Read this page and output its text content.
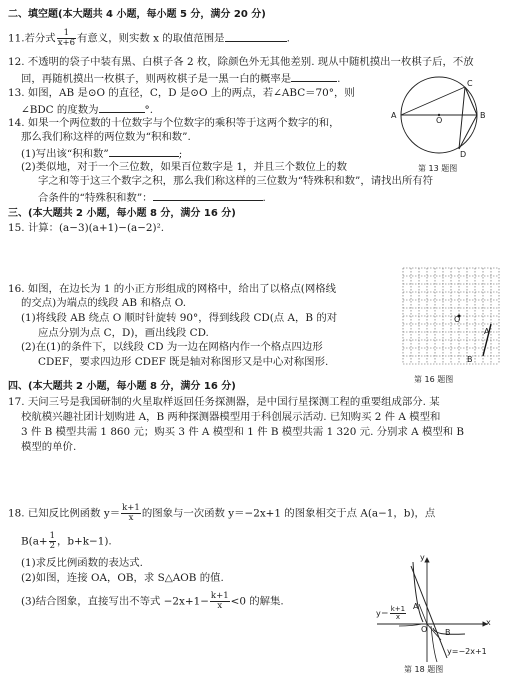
二、填空题(本大题共 4 小题，每小题 5 分，满分 20 分)
11.若分式 $\frac{1}{x+6}$ 有意义，则实数 x 的取值范围是	.
12. 不透明的袋子中装有黑、白棋子各 2 枚，除颜色外无其他差别. 现从中随机摸出一枚棋子后，不放
回，再随机摸出一枚棋子，则两枚棋子是一黑一白的概率是	.
13. 如图，AB 是⊙O 的直径，C，D 是⊙O 上的两点，若∠ABC＝70°，则
∠BDC 的度数为	°.
14. 如果一个两位数的十位数字与个位数字的乘积等于这两个数字的和，
那么我们称这样的两位数为“积和数”.
(1)写出该“积和数”	;
(2)类似地，对于一个三位数，如果百位数字是 1，并且三个数位上的数
字之和等于这三个数字之积，那么我们称这样的三位数为“特殊积和数”，请找出所有符
合条件的“特殊积和数”：	.
A	B
C
D
O
第 13 题图
三、(本大题共 2 小题，每小题 8 分，满分 16 分)
15. 计算：(a−3)(a+1)−(a−2)².
16. 如图，在边长为 1 的小正方形组成的网格中，给出了以格点(网格线
的交点)为端点的线段 AB 和格点 O.
(1)将线段 AB 绕点 O 顺时针旋转 90°，得到线段 CD(点 A，B 的对
应点分别为点 C，D)，画出线段 CD.
(2)在(1)的条件下，以线段 CD 为一边在网格内作一个格点四边形
CDEF，要求四边形 CDEF 既是轴对称图形又是中心对称图形.
O
A
B
第 16 题图
四、(本大题共 2 小题，每小题 8 分，满分 16 分)
17. 天问三号是我国研制的火星取样返回任务探测器，是中国行星探测工程的重要组成部分. 某
校航模兴趣社团计划购进 A，B 两种探测器模型用于科创展示活动. 已知购买 2 件 A 模型和
3 件 B 模型共需 1 860 元；购买 3 件 A 模型和 1 件 B 模型共需 1 320 元. 分别求 A 模型和 B
模型的单价.
18. 已知反比例函数 $y= \frac{k+1}{x}$ 的图象与一次函数 y＝−2x+1 的图象相交于点 A(a−1，b)，点
$B(a+ \frac{1}{2}$ ，b+k−1).
(1)求反比例函数的表达式.
(2)如图，连接 OA，OB，求 S△AOB 的值.
(3)结合图象，直接写出不等式 $-2x+1- \frac{k+1}{x} <0$ 的解集.
y
x
O
A
B
$y= \frac{k+1}{x}$
y=−2x+1
第 18 题图
